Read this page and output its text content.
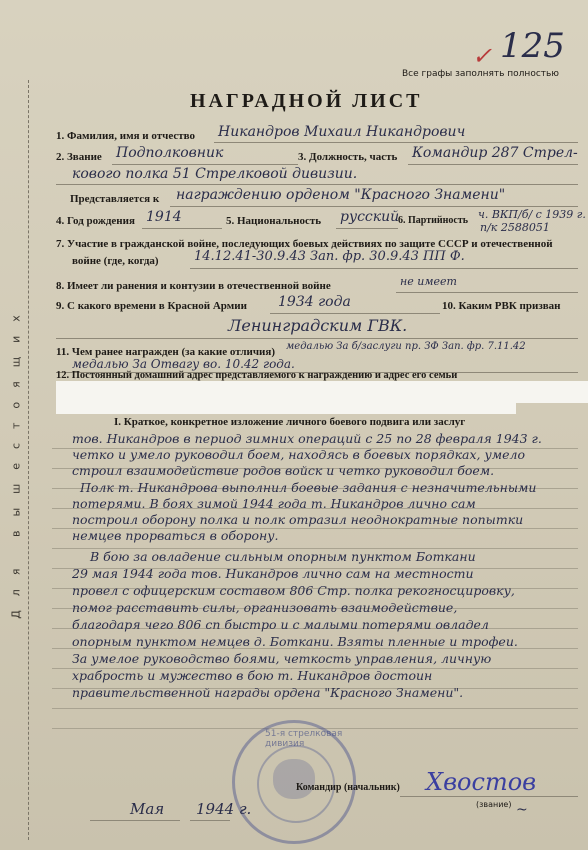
Для вышестоящих
✓ 125
Все графы заполнять полностью
НАГРАДНОЙ ЛИСТ
1. Фамилия, имя и отчество Никандров Михаил Никандрович
2. Звание Подполковник	3. Должность, часть Командир 287 Стрел-
кового полка 51 Стрелковой дивизии.
Представляется к награждению орденом "Красного Знамени"
4. Год рождения 1914	5. Национальность русский
6. Партийность ч. ВКП/б/ с 1939 г.
п/к 2588051
7. Участие в гражданской войне, последующих боевых действиях по защите СССР и отечественной
войне (где, когда)	14.12.41-30.9.43 Зап. фр. 30.9.43 ПП Ф.
8. Имеет ли ранения и контузии в отечественной войне	не имеет
9. С какого времени в Красной Армии 1934 года	10. Каким РВК призван
Ленинградским ГВК.
11. Чем ранее награжден (за какие отличия) медалью За б/заслуги пр. ЗФ Зап. фр. 7.11.42
медалью За Отвагу во. 10.42 года.
12. Постоянный домашний адрес представляемого к награждению и адрес его семьи
I. Краткое, конкретное изложение личного боевого подвига или заслуг
тов. Никандров в период зимних операций с 25 по 28 февраля 1943 г.
четко и умело руководил боем, находясь в боевых порядках, умело
строил взаимодействие родов войск и четко руководил боем.
Полк т. Никандрова выполнил боевые задания с незначительными
потерями. В боях зимой 1944 года т. Никандров лично сам
построил оборону полка и полк отразил неоднократные попытки
немцев прорваться в оборону.
В бою за овладение сильным опорным пунктом Боткани
29 мая 1944 года тов. Никандров лично сам на местности
провел с офицерским составом 806 Стр. полка рекогносцировку,
помог расставить силы, организовать взаимодействие,
благодаря чего 806 сп быстро и с малыми потерями овладел
опорным пунктом немцев д. Боткани. Взяты пленные и трофеи.
За умелое руководство боями, четкость управления, личную
храбрость и мужество в бою т. Никандров достоин
правительственной награды ордена "Красного Знамени".
51-я стрелковая дивизия
Мая 1944 г.
Командир (начальник) Хвостов
(звание) ~
